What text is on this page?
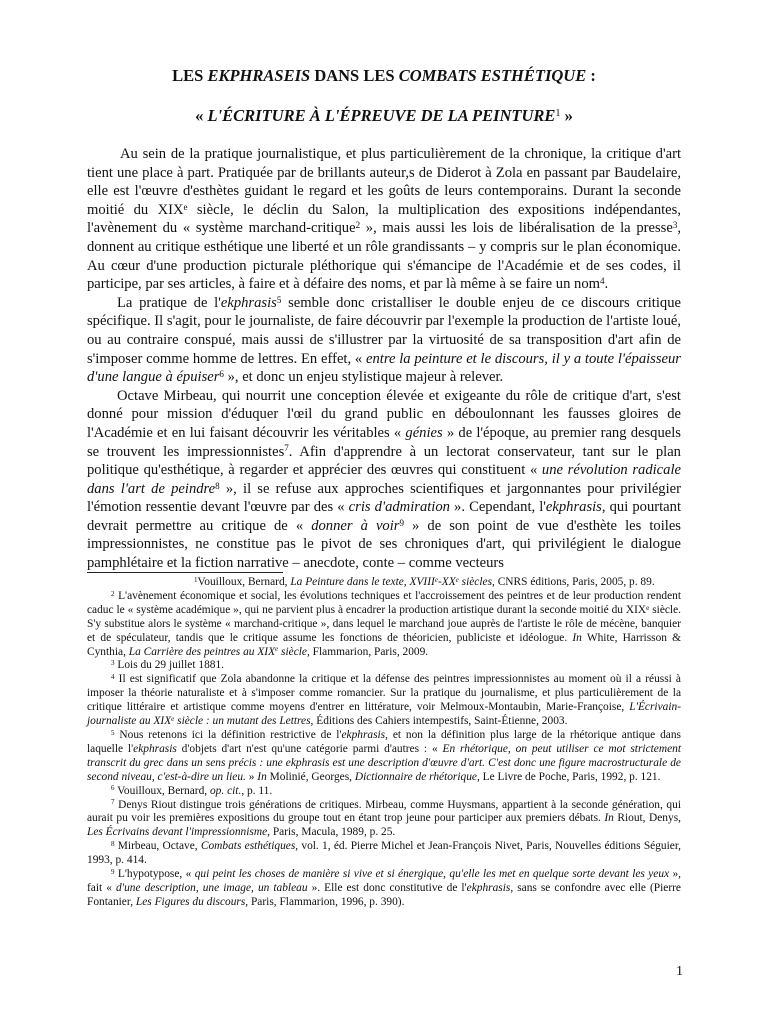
LES EKPHRASEIS DANS LES COMBATS ESTHÉTIQUE :
« L'ÉCRITURE À L'ÉPREUVE DE LA PEINTURE$^1$ »

Au sein de la pratique journalistique, et plus particulièrement de la chronique, la critique d'art tient une place à part. Pratiquée par de brillants auteur,s de Diderot à Zola en passant par Baudelaire, elle est l'œuvre d'esthètes guidant le regard et les goûts de leurs contemporains. Durant la seconde moitié du XIXe siècle, le déclin du Salon, la multiplication des expositions indépendantes, l'avènement du « système marchand-critique$^2$ », mais aussi les lois de libéralisation de la presse$^3$, donnent au critique esthétique une liberté et un rôle grandissants – y compris sur le plan économique. Au cœur d'une production picturale pléthorique qui s'émancipe de l'Académie et de ses codes, il participe, par ses articles, à faire et à défaire des noms, et par là même à se faire un nom$^4$.

La pratique de l'ekphrasis$^5$ semble donc cristalliser le double enjeu de ce discours critique spécifique. Il s'agit, pour le journaliste, de faire découvrir par l'exemple la production de l'artiste loué, ou au contraire conspué, mais aussi de s'illustrer par la virtuosité de sa transposition d'art afin de s'imposer comme homme de lettres. En effet, « entre la peinture et le discours, il y a toute l'épaisseur d'une langue à épuiser$^6$ », et donc un enjeu stylistique majeur à relever.

Octave Mirbeau, qui nourrit une conception élevée et exigeante du rôle de critique d'art, s'est donné pour mission d'éduquer l'œil du grand public en déboulonnant les fausses gloires de l'Académie et en lui faisant découvrir les véritables « génies » de l'époque, au premier rang desquels se trouvent les impressionnistes$^7$. Afin d'apprendre à un lectorat conservateur, tant sur le plan politique qu'esthétique, à regarder et apprécier des œuvres qui constituent « une révolution radicale dans l'art de peindre$^8$ », il se refuse aux approches scientifiques et jargonnantes pour privilégier l'émotion ressentie devant l'œuvre par des « cris d'admiration ». Cependant, l'ekphrasis, qui pourtant devrait permettre au critique de « donner à voir$^9$ » de son point de vue d'esthète les toiles impressionnistes, ne constitue pas le pivot de ses chroniques d'art, qui privilégient le dialogue pamphlétaire et la fiction narrative – anecdote, conte – comme vecteurs

$^1$Vouilloux, Bernard, La Peinture dans le texte, XVIIIe-XXe siècles, CNRS éditions, Paris, 2005, p. 89.

$^2$ L'avènement économique et social, les évolutions techniques et l'accroissement des peintres et de leur production rendent caduc le « système académique », qui ne parvient plus à encadrer la production artistique durant la seconde moitié du XIXe siècle. S'y substitue alors le système « marchand-critique », dans lequel le marchand joue auprès de l'artiste le rôle de mécène, banquier et de spéculateur, tandis que le critique assume les fonctions de théoricien, publiciste et idéologue. In White, Harrisson & Cynthia, La Carrière des peintres au XIXe siècle, Flammarion, Paris, 2009.

$^3$ Lois du 29 juillet 1881.

$^4$ Il est significatif que Zola abandonne la critique et la défense des peintres impressionnistes au moment où il a réussi à imposer la théorie naturaliste et à s'imposer comme romancier. Sur la pratique du journalisme, et plus particulièrement de la critique littéraire et artistique comme moyens d'entrer en littérature, voir Melmoux-Montaubin, Marie-Françoise, L'Écrivain-journaliste au XIXe siècle : un mutant des Lettres, Éditions des Cahiers intempestifs, Saint-Étienne, 2003.

$^5$ Nous retenons ici la définition restrictive de l'ekphrasis, et non la définition plus large de la rhétorique antique dans laquelle l'ekphrasis d'objets d'art n'est qu'une catégorie parmi d'autres : « En rhétorique, on peut utiliser ce mot strictement transcrit du grec dans un sens précis : une ekphrasis est une description d'œuvre d'art. C'est donc une figure macrostructurale de second niveau, c'est-à-dire un lieu. » In Molinié, Georges, Dictionnaire de rhétorique, Le Livre de Poche, Paris, 1992, p. 121.

$^6$ Vouilloux, Bernard, op. cit., p. 11.

$^7$ Denys Riout distingue trois générations de critiques. Mirbeau, comme Huysmans, appartient à la seconde génération, qui aurait pu voir les premières expositions du groupe tout en étant trop jeune pour participer aux premiers débats. In Riout, Denys, Les Écrivains devant l'impressionnisme, Paris, Macula, 1989, p. 25.

$^8$ Mirbeau, Octave, Combats esthétiques, vol. 1, éd. Pierre Michel et Jean-François Nivet, Paris, Nouvelles éditions Séguier, 1993, p. 414.

$^9$ L'hypotypose, « qui peint les choses de manière si vive et si énergique, qu'elle les met en quelque sorte devant les yeux », fait « d'une description, une image, un tableau ». Elle est donc constitutive de l'ekphrasis, sans se confondre avec elle (Pierre Fontanier, Les Figures du discours, Paris, Flammarion, 1996, p. 390).

1
